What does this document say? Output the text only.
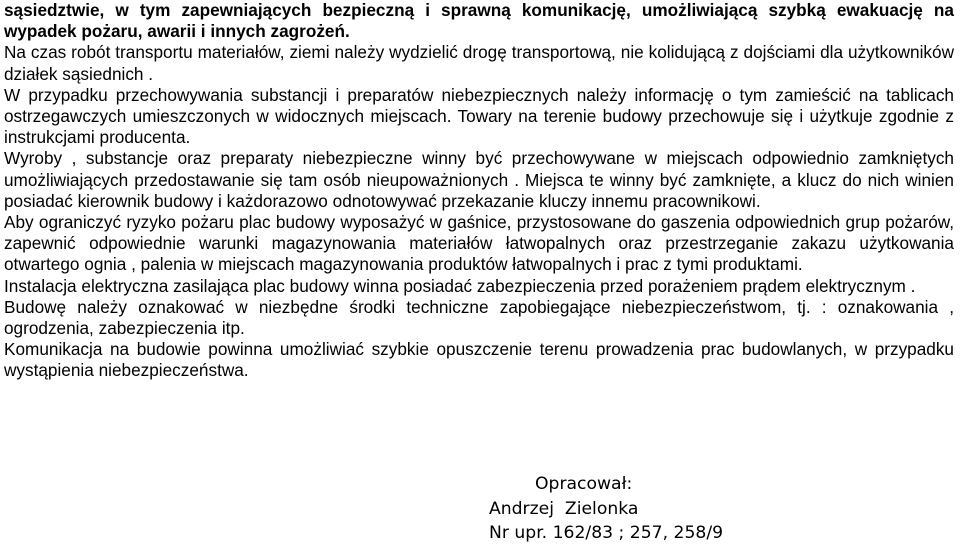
sąsiedztwie, w tym zapewniających bezpieczną i sprawną komunikację, umożliwiającą szybką ewakuację na wypadek pożaru, awarii i innych zagrożeń.

Na czas robót transportu materiałów, ziemi należy wydzielić drogę transportową, nie kolidującą z dojściami dla użytkowników działek sąsiednich .

W przypadku przechowywania substancji i preparatów niebezpiecznych należy informację o tym zamieścić na tablicach ostrzegawczych umieszczonych w widocznych miejscach. Towary na terenie budowy przechowuje się i użytkuje zgodnie z instrukcjami producenta.

Wyroby , substancje oraz preparaty niebezpieczne winny być przechowywane w miejscach odpowiednio zamkniętych umożliwiających przedostawanie się tam osób nieupoważnionych . Miejsca te winny być zamknięte, a klucz do nich winien posiadać kierownik budowy i każdorazowo odnotowywać przekazanie kluczy innemu pracownikowi.

Aby ograniczyć ryzyko pożaru plac budowy wyposażyć w gaśnice, przystosowane do gaszenia odpowiednich grup pożarów, zapewnić odpowiednie warunki magazynowania materiałów łatwopalnych oraz przestrzeganie zakazu użytkowania otwartego ognia , palenia w miejscach magazynowania produktów łatwopalnych i prac z tymi produktami.

Instalacja elektryczna zasilająca plac budowy winna posiadać zabezpieczenia przed porażeniem prądem elektrycznym .

Budowę należy oznakować w niezbędne środki techniczne zapobiegające niebezpieczeństwom, tj. : oznakowania , ogrodzenia, zabezpieczenia itp.

Komunikacja na budowie powinna umożliwiać szybkie opuszczenie terenu prowadzenia prac budowlanych, w przypadku wystąpienia niebezpieczeństwa.

Opracował:
Andrzej  Zielonka
Nr upr. 162/83 ; 257, 258/9
